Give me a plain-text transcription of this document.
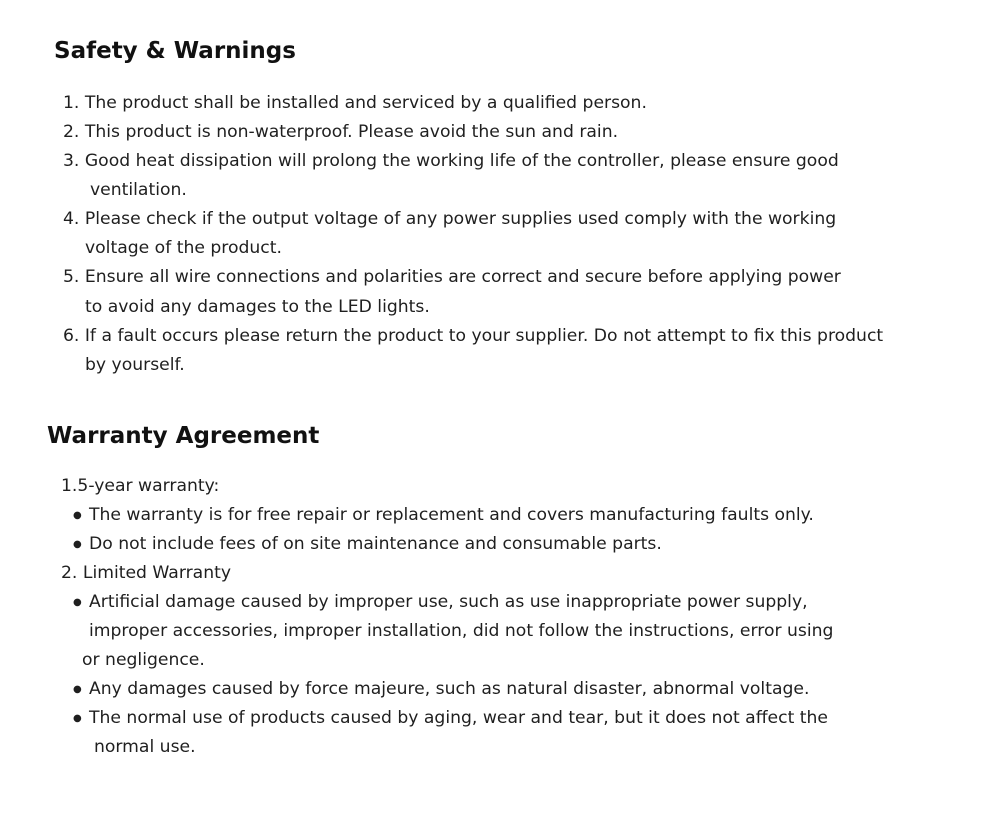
Safety & Warnings

1. The product shall be installed and serviced by a qualified person.

2. This product is non-waterproof. Please avoid the sun and rain.

3. Good heat dissipation will prolong the working life of the controller, please ensure good

ventilation.

4. Please check if the output voltage of any power supplies used comply with the working

voltage of the product.

5. Ensure all wire connections and polarities are correct and secure before applying power

to avoid any damages to the LED lights.

6. If a fault occurs please return the product to your supplier. Do not attempt to fix this product

by yourself.

Warranty Agreement

1.5-year warranty:

● The warranty is for free repair or replacement and covers manufacturing faults only.

● Do not include fees of on site maintenance and consumable parts.

2. Limited Warranty

● Artificial damage caused by improper use, such as use inappropriate power supply,

improper accessories, improper installation, did not follow the instructions, error using

or negligence.

● Any damages caused by force majeure, such as natural disaster, abnormal voltage.

● The normal use of products caused by aging, wear and tear, but it does not affect the

normal use.
